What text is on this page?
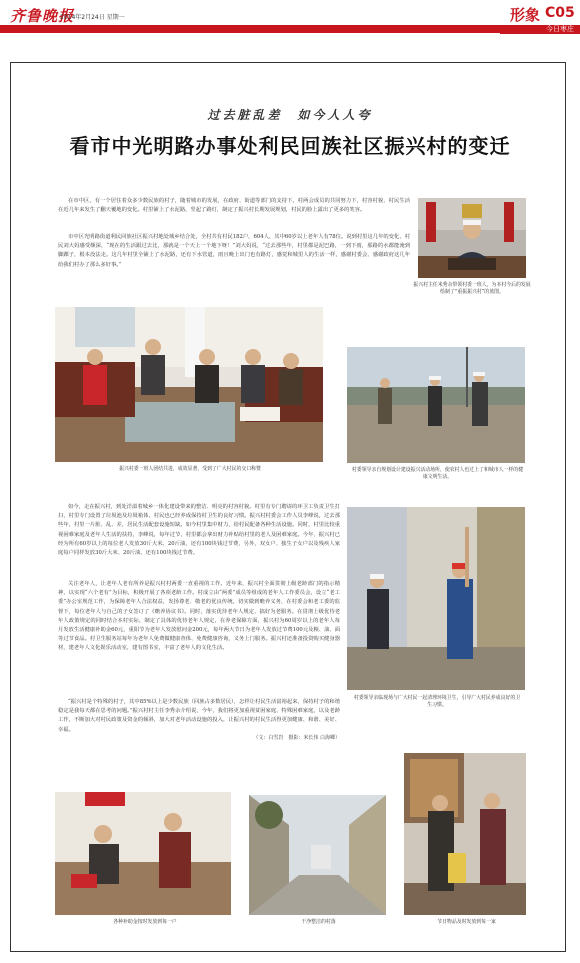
齐鲁晚报
2014年2月24日 星期一	形象 C05
今日枣庄
过去脏乱差　如今人人夸
看市中光明路办事处利民回族社区振兴村的变迁
在市中区，有一个居住着众多少数民族的村子，随着城市的发展，在政府、街道等部门的支持下，村两会成员的共同努力下，村容村貌、村民生活在近几年来发生了翻天覆地的变化。村里铺上了水泥路，竖起了路灯，制定了振兴村长期发展规划，村民的脸上露出了更多的笑容。
市中区光明路街道利民回族社区振兴村地处城乡结合处，全村共有村民182户，604人，其中60岁以上老年人有78位。说到村里这几年的变化，村民刘大妈感受颇深，“现在的生活跟过去比，那就是一个天上一个地下呀！”刘大妈说，“过去那些年，村里都是泥巴路，一到下雨，那路的水都能淹到脚踝子，根本没法走。这几年村里全铺上了水泥路，还有下水管道，雨且晚上出门也有路灯，感觉和城里人的生活一样，感谢村委会、感谢政府这几年给我们村办了那么多好事。”
振兴村主任米秀余带领村委一班人，为本村今后的发展绘制了“重振振兴村”的蓝图。
振兴村委一班人团结共进，成效显著，受到了广大村民的交口称赞	村委领导亲自规划设计建设振兴活动场所，使农村人也过上了和城市人一样的健康文明生活。
如今，走在振兴村，到处洋溢着城乡一体化建设带来的整洁、明亮的村容村貌。村里有专门聘请的环卫工负责卫生打扫，村里专门设置了垃圾池及垃圾箱体，村民也已经养成保持村卫生的良好习惯。振兴村村委会工作人员李峰说，过去那些年，村里一片脏、乱、差，居民生活配套设施短缺。如今村里集中财力，给村民配备各种生活设施。同时，村里比较重视困难家庭及老年人生活的扶持，李峰说，每年过节，村里都会拿出财力补贴给村里的老人及困难家庭。今年，振兴村已经为所有60岁以上的每位老人发放30斤大米、20斤油，还有100块钱过节费，另外，双女户、独生子女户以及残疾人家庭每户同样发放30斤大米、20斤油，还有100块钱过节费。
关注老年人，让老年人老有所养是振兴村村两委一直重视的工作。近年来，振兴村全面贯彻上级老龄部门的指示精神，以实现“六个老有”为目标，积极开展了各项老龄工作。村成立由“两委”成员等组成的老年人工作委员会，设立“老工委”办公室规范工作，为保障老年人合法权益，发扬尊老、敬老的优良传统，切实做到赡养义务，在村委会和老工委的监督下，每位老年人与自己的子女签订了《赡养协议书》。同时，落实优待老年人规定、搞好为老服务。在贯彻上级优待老年人政策规定的同时结合本村实际，制定了具体的优待老年人规定，在养老保障方面，振兴村为60周岁以上的老年人每月发放生活健康补助金60元，重阳节为老年人发放慰问金200元，每年两大节日为老年人发放过节费100元及粮、油、面等过节食品。村卫生服务站每年为老年人免费做健康查体、免费健康咨询，义务上门服务。振兴村还准备投资购买健身器材，建老年人文化娱乐活动室，建有图书室，丰富了老年人的文化生活。
“振兴村是个特殊的村子，其中85%以上是少数民族（回族占多数居民），怎样让村民生活富裕起来，保持村子的和谐稳定是我每天都在思考的问题。”振兴村村主任李秀余介绍说，今年，我们将更加重视贫困家庭、特殊困难家庭，以及老龄工作，不断加大对村民政策及资金的倾斜，加大对老年活动设施的投入，让振兴村的村民生活得更加健康、和谐、美好、幸福。
（文：白雪岩　摄影：米长伟 白海卿）
村委领导亲临现场与广大村民一起清理环境卫生，引导广大村民养成良好的卫生习惯。
各种补助金按时发放到每一户	干净整洁的村落	节日物品及时发放到每一家
